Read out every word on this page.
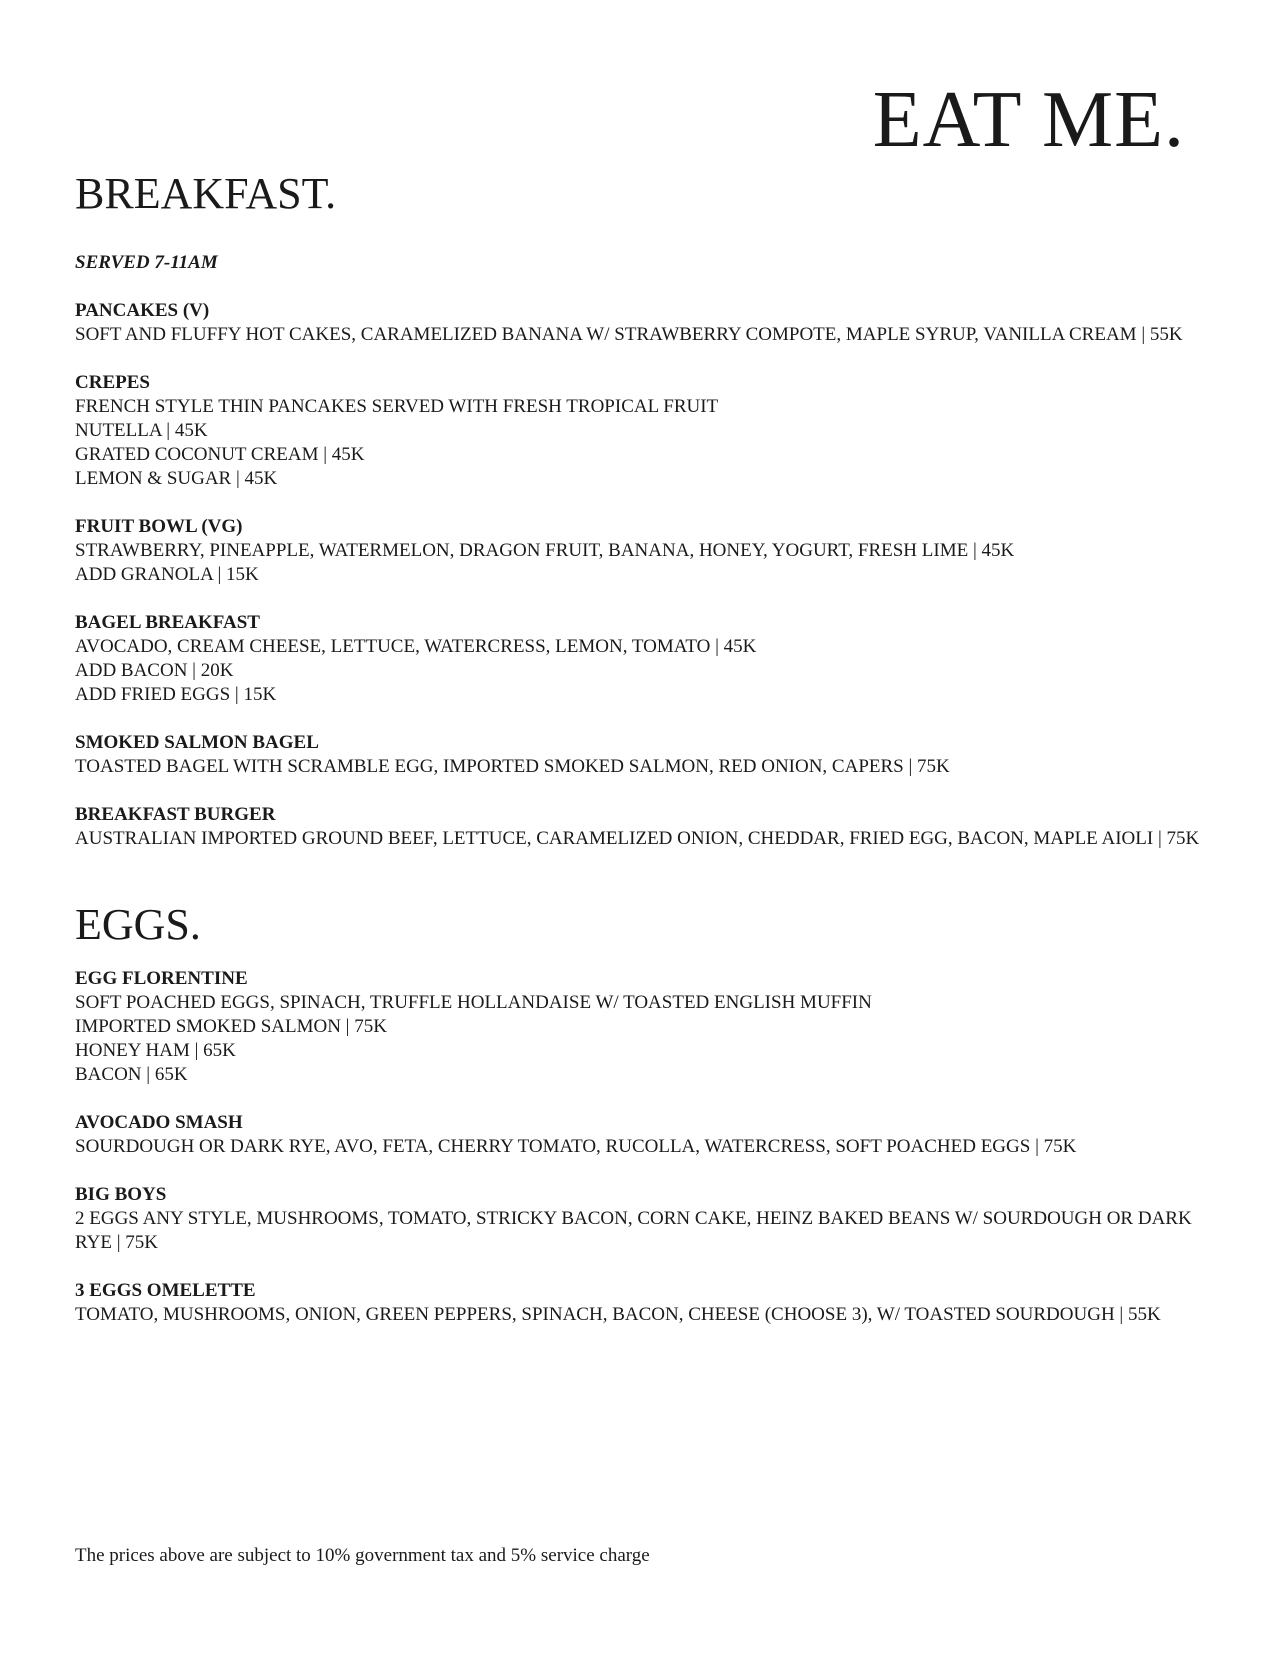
EAT ME.
BREAKFAST.

SERVED 7-11AM

PANCAKES (V)

SOFT AND FLUFFY HOT CAKES, CARAMELIZED BANANA W/ STRAWBERRY COMPOTE, MAPLE SYRUP, VANILLA CREAM | 55K

CREPES

FRENCH STYLE THIN PANCAKES SERVED WITH FRESH TROPICAL FRUIT

NUTELLA | 45K

GRATED COCONUT CREAM | 45K

LEMON & SUGAR | 45K

FRUIT BOWL (VG)

STRAWBERRY, PINEAPPLE, WATERMELON, DRAGON FRUIT, BANANA, HONEY, YOGURT, FRESH LIME | 45K

ADD GRANOLA | 15K

BAGEL BREAKFAST

AVOCADO, CREAM CHEESE, LETTUCE, WATERCRESS, LEMON, TOMATO | 45K

ADD BACON | 20K

ADD FRIED EGGS | 15K

SMOKED SALMON BAGEL

TOASTED BAGEL WITH SCRAMBLE EGG, IMPORTED SMOKED SALMON, RED ONION, CAPERS | 75K

BREAKFAST BURGER

AUSTRALIAN IMPORTED GROUND BEEF, LETTUCE, CARAMELIZED ONION, CHEDDAR, FRIED EGG, BACON, MAPLE AIOLI | 75K

EGGS.

EGG FLORENTINE

SOFT POACHED EGGS, SPINACH, TRUFFLE HOLLANDAISE W/ TOASTED ENGLISH MUFFIN

IMPORTED SMOKED SALMON | 75K

HONEY HAM | 65K

BACON | 65K

AVOCADO SMASH

SOURDOUGH OR DARK RYE, AVO, FETA, CHERRY TOMATO, RUCOLLA, WATERCRESS, SOFT POACHED EGGS | 75K

BIG BOYS

2 EGGS ANY STYLE, MUSHROOMS, TOMATO, STRICKY BACON, CORN CAKE, HEINZ BAKED BEANS W/ SOURDOUGH OR DARK RYE | 75K

3 EGGS OMELETTE

TOMATO, MUSHROOMS, ONION, GREEN PEPPERS, SPINACH, BACON, CHEESE (CHOOSE 3), W/ TOASTED SOURDOUGH | 55K

The prices above are subject to 10% government tax and 5% service charge
